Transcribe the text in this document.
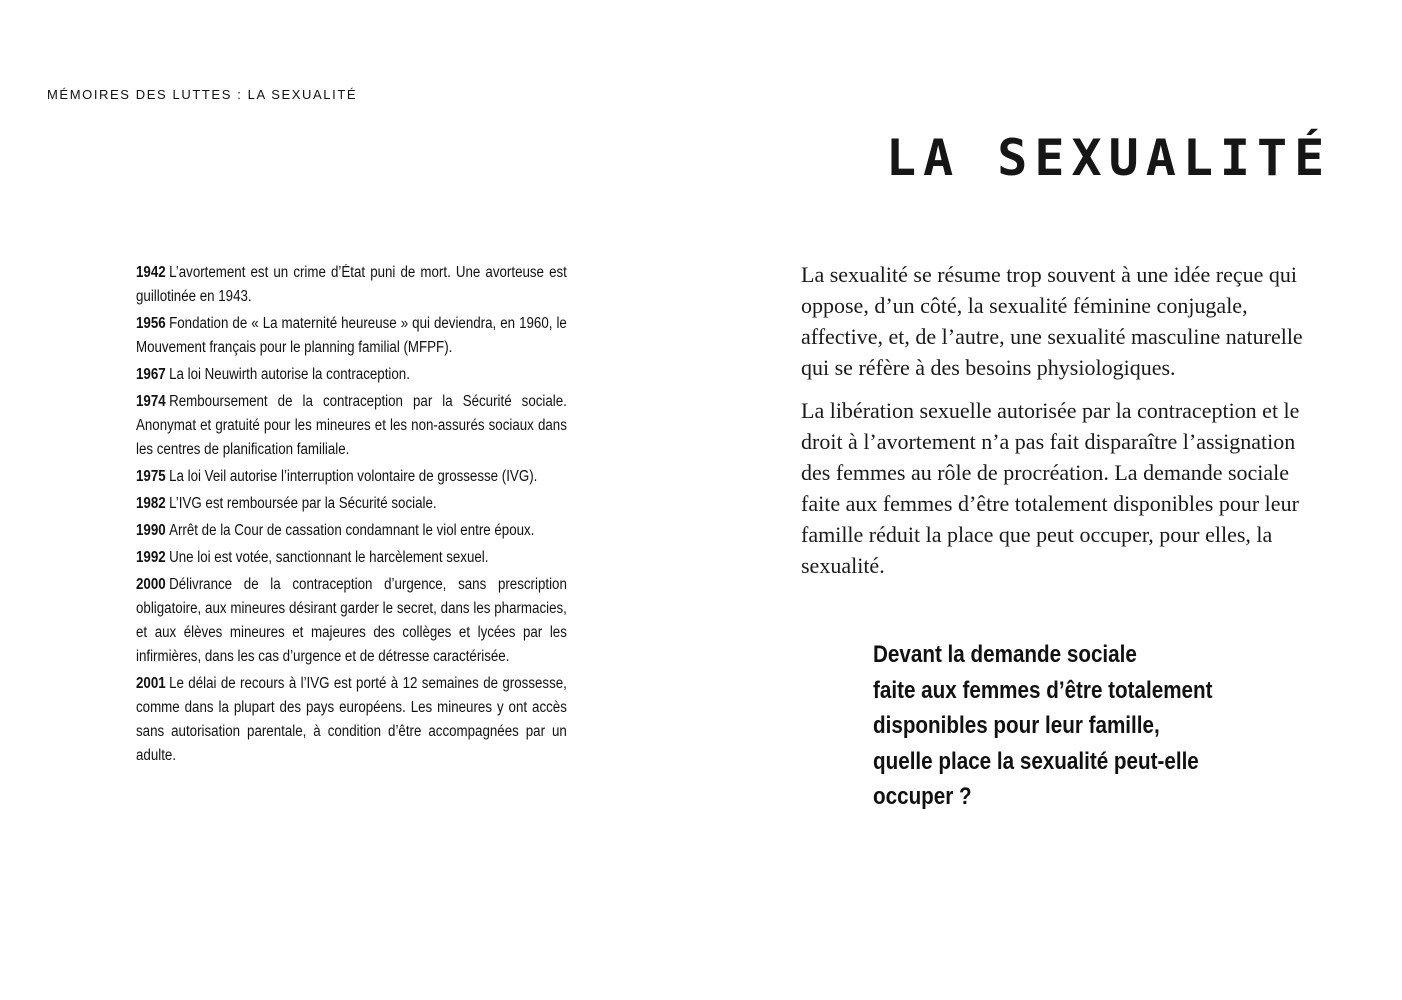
MÉMOIRES DES LUTTES : LA SEXUALITÉ

1942 L’avortement est un crime d’État puni de mort. Une avorteuse est guillotinée en 1943.

1956 Fondation de « La maternité heureuse » qui deviendra, en 1960, le Mouvement français pour le planning familial (MFPF).

1967 La loi Neuwirth autorise la contraception.

1974 Remboursement de la contraception par la Sécurité sociale. Anonymat et gratuité pour les mineures et les non-assurés sociaux dans les centres de planification familiale.

1975 La loi Veil autorise l’interruption volontaire de grossesse (IVG).

1982 L’IVG est remboursée par la Sécurité sociale.

1990 Arrêt de la Cour de cassation condamnant le viol entre époux.

1992 Une loi est votée, sanctionnant le harcèlement sexuel.

2000 Délivrance de la contraception d’urgence, sans prescription obligatoire, aux mineures désirant garder le secret, dans les pharmacies, et aux élèves mineures et majeures des collèges et lycées par les infirmières, dans les cas d’urgence et de détresse caractérisée.

2001 Le délai de recours à l’IVG est porté à 12 semaines de grossesse, comme dans la plupart des pays européens. Les mineures y ont accès sans autorisation parentale, à condition d’être accompagnées par un adulte.

LA SEXUALITÉ

La sexualité se résume trop souvent à une idée reçue qui oppose, d’un côté, la sexualité féminine conjugale, affective, et, de l’autre, une sexualité masculine naturelle qui se réfère à des besoins physiologiques.

La libération sexuelle autorisée par la contraception et le droit à l’avortement n’a pas fait disparaître l’assignation des femmes au rôle de procréation. La demande sociale faite aux femmes d’être totalement disponibles pour leur famille réduit la place que peut occuper, pour elles, la sexualité.

Devant la demande sociale
faite aux femmes d’être totalement
disponibles pour leur famille,
quelle place la sexualité peut-elle
occuper ?
